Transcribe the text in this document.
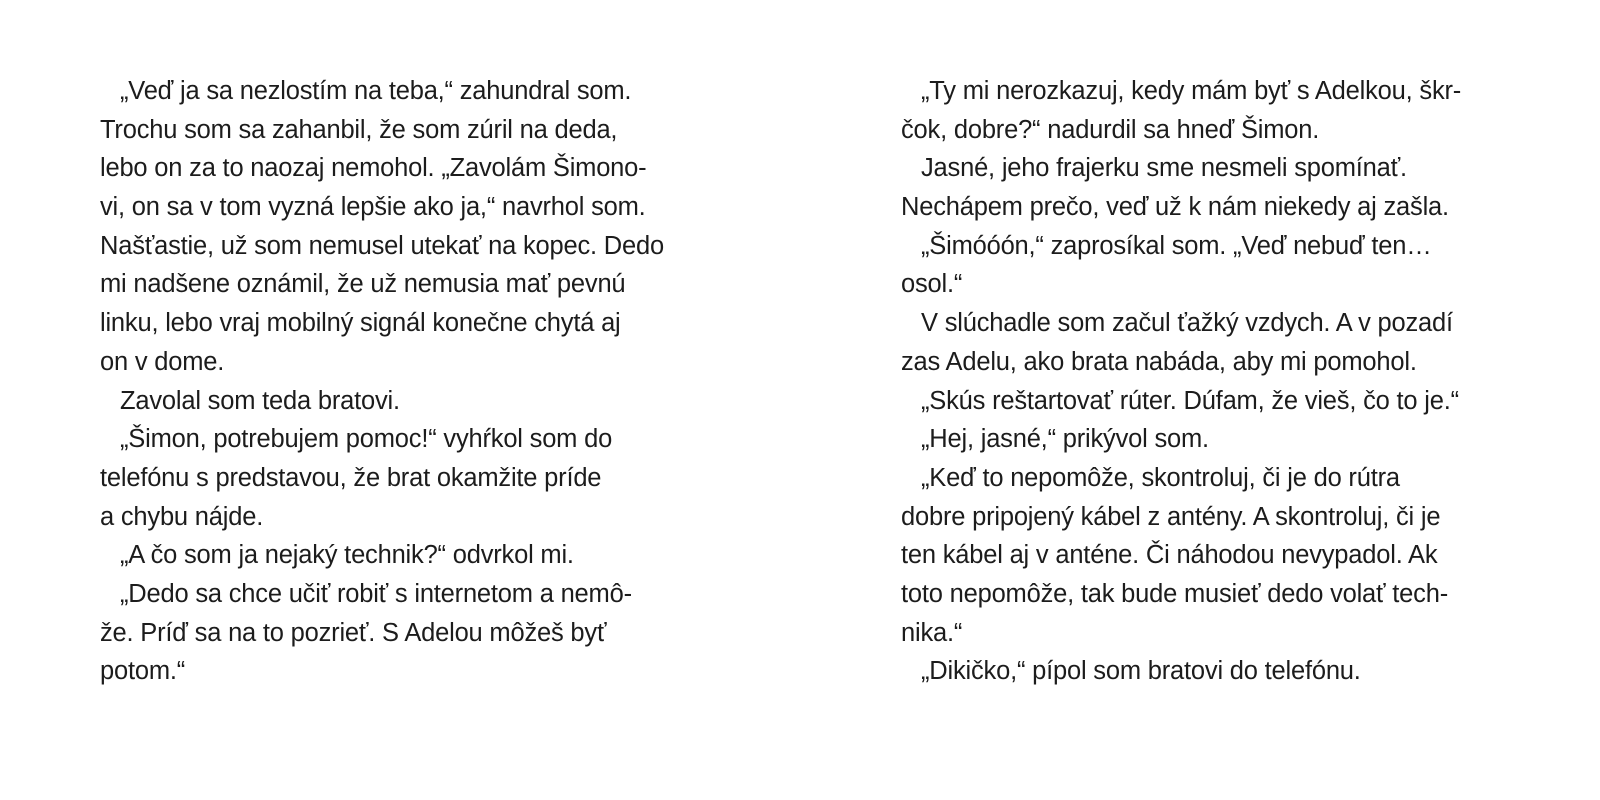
„Veď ja sa nezlostím na teba,“ zahundral som.
Trochu som sa zahanbil, že som zúril na deda,
lebo on za to naozaj nemohol. „Zavolám Šimono-
vi, on sa v tom vyzná lepšie ako ja,“ navrhol som.
Našťastie, už som nemusel utekať na kopec. Dedo
mi nadšene oznámil, že už nemusia mať pevnú
linku, lebo vraj mobilný signál konečne chytá aj
on v dome.
Zavolal som teda bratovi.
„Šimon, potrebujem pomoc!“ vyhŕkol som do
telefónu s predstavou, že brat okamžite príde
a chybu nájde.
„A čo som ja nejaký technik?“ odvrkol mi.
„Dedo sa chce učiť robiť s internetom a nemô-
že. Príď sa na to pozrieť. S Adelou môžeš byť
potom.“
„Ty mi nerozkazuj, kedy mám byť s Adelkou, škr-
čok, dobre?“ nadurdil sa hneď Šimon.
Jasné, jeho frajerku sme nesmeli spomínať.
Nechápem prečo, veď už k nám niekedy aj zašla.
„Šimóóón,“ zaprosíkal som. „Veď nebuď ten…
osol.“
V slúchadle som začul ťažký vzdych. A v pozadí
zas Adelu, ako brata nabáda, aby mi pomohol.
„Skús reštartovať rúter. Dúfam, že vieš, čo to je.“
„Hej, jasné,“ prikývol som.
„Keď to nepomôže, skontroluj, či je do rútra
dobre pripojený kábel z antény. A skontroluj, či je
ten kábel aj v anténe. Či náhodou nevypadol. Ak
toto nepomôže, tak bude musieť dedo volať tech-
nika.“
„Dikičko,“ pípol som bratovi do telefónu.
